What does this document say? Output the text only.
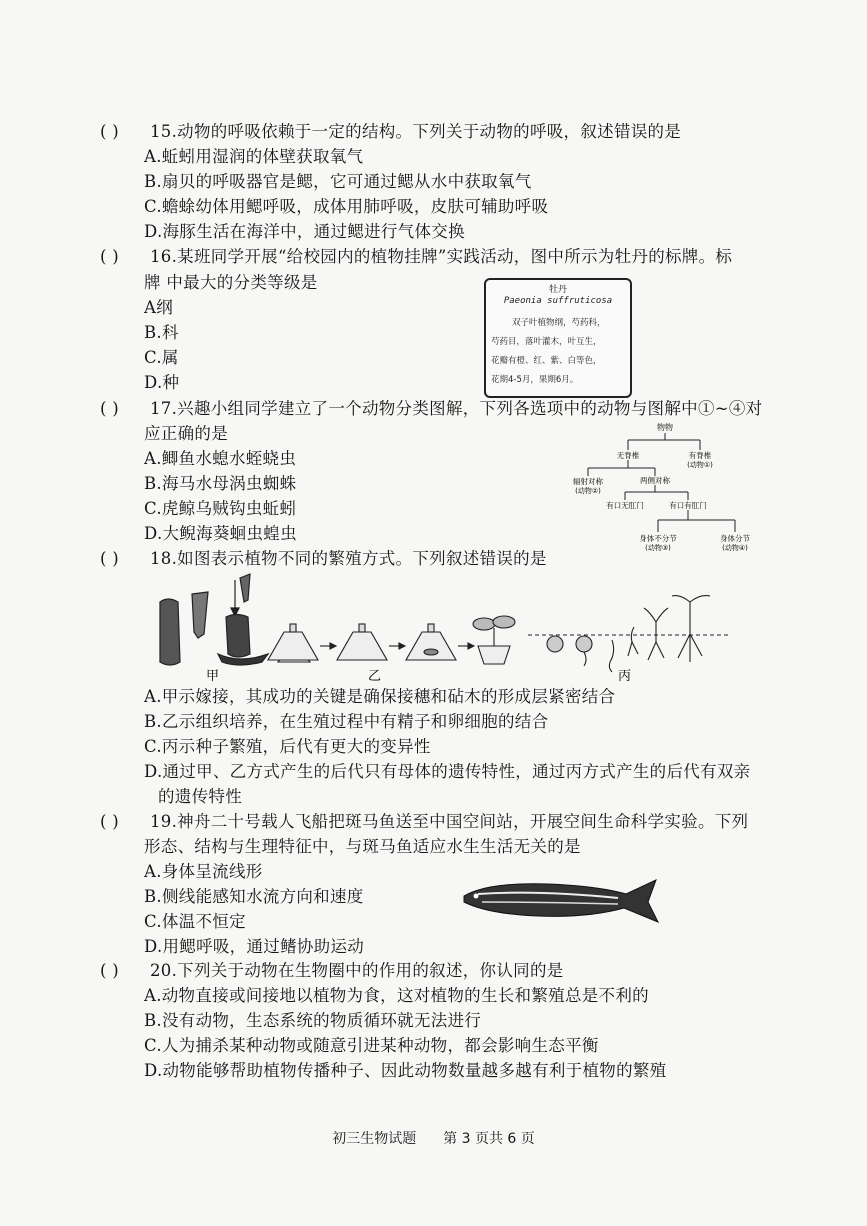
( ) 15.动物的呼吸依赖于一定的结构。下列关于动物的呼吸，叙述错误的是
A.蚯蚓用湿润的体壁获取氧气
B.扇贝的呼吸器官是鳃，它可通过鳃从水中获取氧气
C.蟾蜍幼体用鳃呼吸，成体用肺呼吸，皮肤可辅助呼吸
D.海豚生活在海洋中，通过鳃进行气体交换
( ) 16.某班同学开展“给校园内的植物挂牌”实践活动，图中所示为牡丹的标牌。标
牌 中最大的分类等级是
A纲
B.科
C.属
D.种
牡丹
Paeonia suffruticosa
双子叶植物纲，芍药科，
芍药目，落叶灌木，叶互生，
花瓣有橙、红、紫、白等色，
花期4-5月，果期6月。
( ) 17.兴趣小组同学建立了一个动物分类图解，下列各选项中的动物与图解中①~④对
应正确的是
A.鲫鱼水螅水蛭蛲虫
B.海马水母涡虫蜘蛛
C.虎鲸乌贼钩虫蚯蚓
D.大鲵海葵蛔虫蝗虫
物物
无脊椎	有脊椎
(动物①)
辐射对称
(动物②)
两侧对称
有口无肛门	有口有肛门
身体不分节
(动物③)
身体分节
(动物④)
( ) 18.如图表示植物不同的繁殖方式。下列叙述错误的是
甲	乙	丙
A.甲示嫁接，其成功的关键是确保接穗和砧木的形成层紧密结合
B.乙示组织培养，在生殖过程中有精子和卵细胞的结合
C.丙示种子繁殖，后代有更大的变异性
D.通过甲、乙方式产生的后代只有母体的遗传特性，通过丙方式产生的后代有双亲
的遗传特性
( ) 19.神舟二十号载人飞船把斑马鱼送至中国空间站，开展空间生命科学实验。下列
形态、结构与生理特征中，与斑马鱼适应水生生活无关的是
A.身体呈流线形
B.侧线能感知水流方向和速度
C.体温不恒定
D.用鳃呼吸，通过鳍协助运动
( ) 20.下列关于动物在生物圈中的作用的叙述，你认同的是
A.动物直接或间接地以植物为食，这对植物的生长和繁殖总是不利的
B.没有动物，生态系统的物质循环就无法进行
C.人为捕杀某种动物或随意引进某种动物，都会影响生态平衡
D.动物能够帮助植物传播种子、因此动物数量越多越有利于植物的繁殖
初三生物试题 第 3 页共 6 页
